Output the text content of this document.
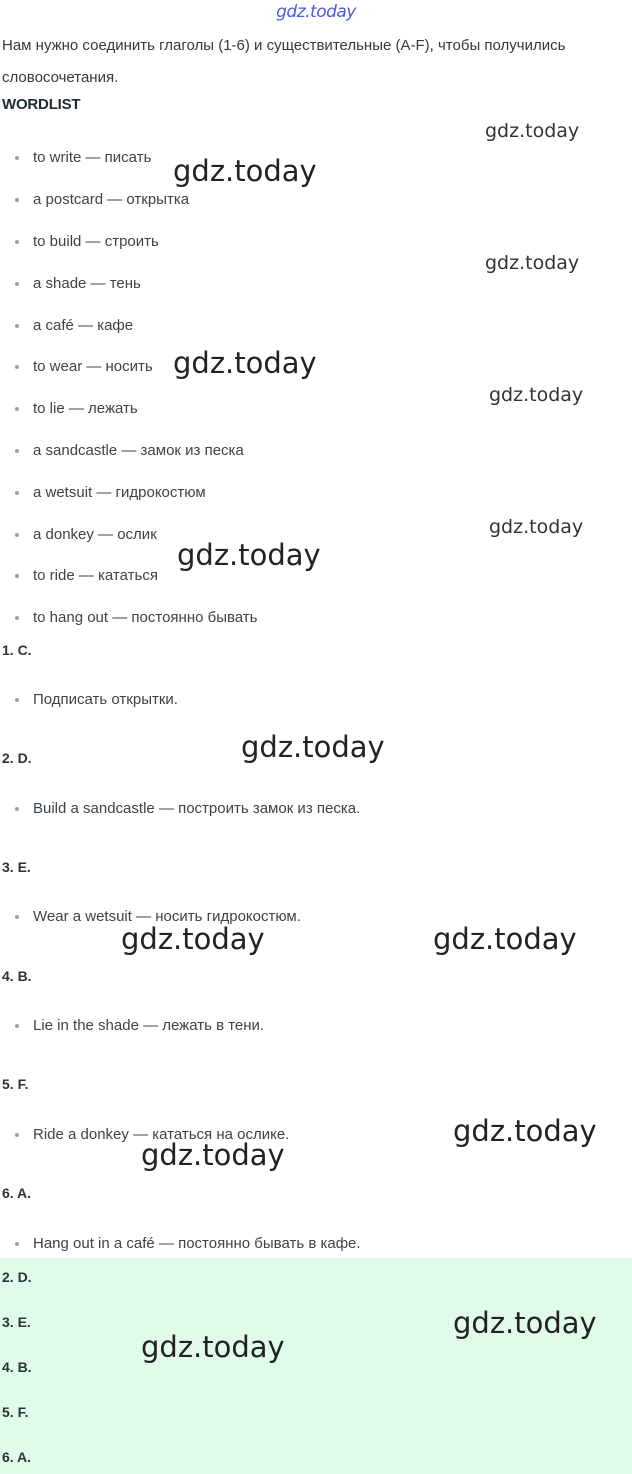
gdz.today
Нам нужно соединить глаголы (1-6) и существительные (A-F), чтобы получились словосочетания.
WORDLIST
to write — писать
a postcard — открытка
to build — строить
a shade — тень
a café — кафе
to wear — носить
to lie — лежать
a sandcastle — замок из песка
a wetsuit — гидрокостюм
a donkey — ослик
to ride — кататься
to hang out — постоянно бывать
1. C.
Подписать открытки.
2. D.
Build a sandcastle — построить замок из песка.
3. E.
Wear a wetsuit — носить гидрокостюм.
4. B.
Lie in the shade — лежать в тени.
5. F.
Ride a donkey — кататься на ослике.
6. A.
Hang out in a café — постоянно бывать в кафе.
2. D.
3. E.
4. B.
5. F.
6. A.
gdz.today
gdz.today
gdz.today
gdz.today
gdz.today
gdz.today
gdz.today
gdz.today
gdz.today	gdz.today
gdz.today
gdz.today
gdz.today
gdz.today
